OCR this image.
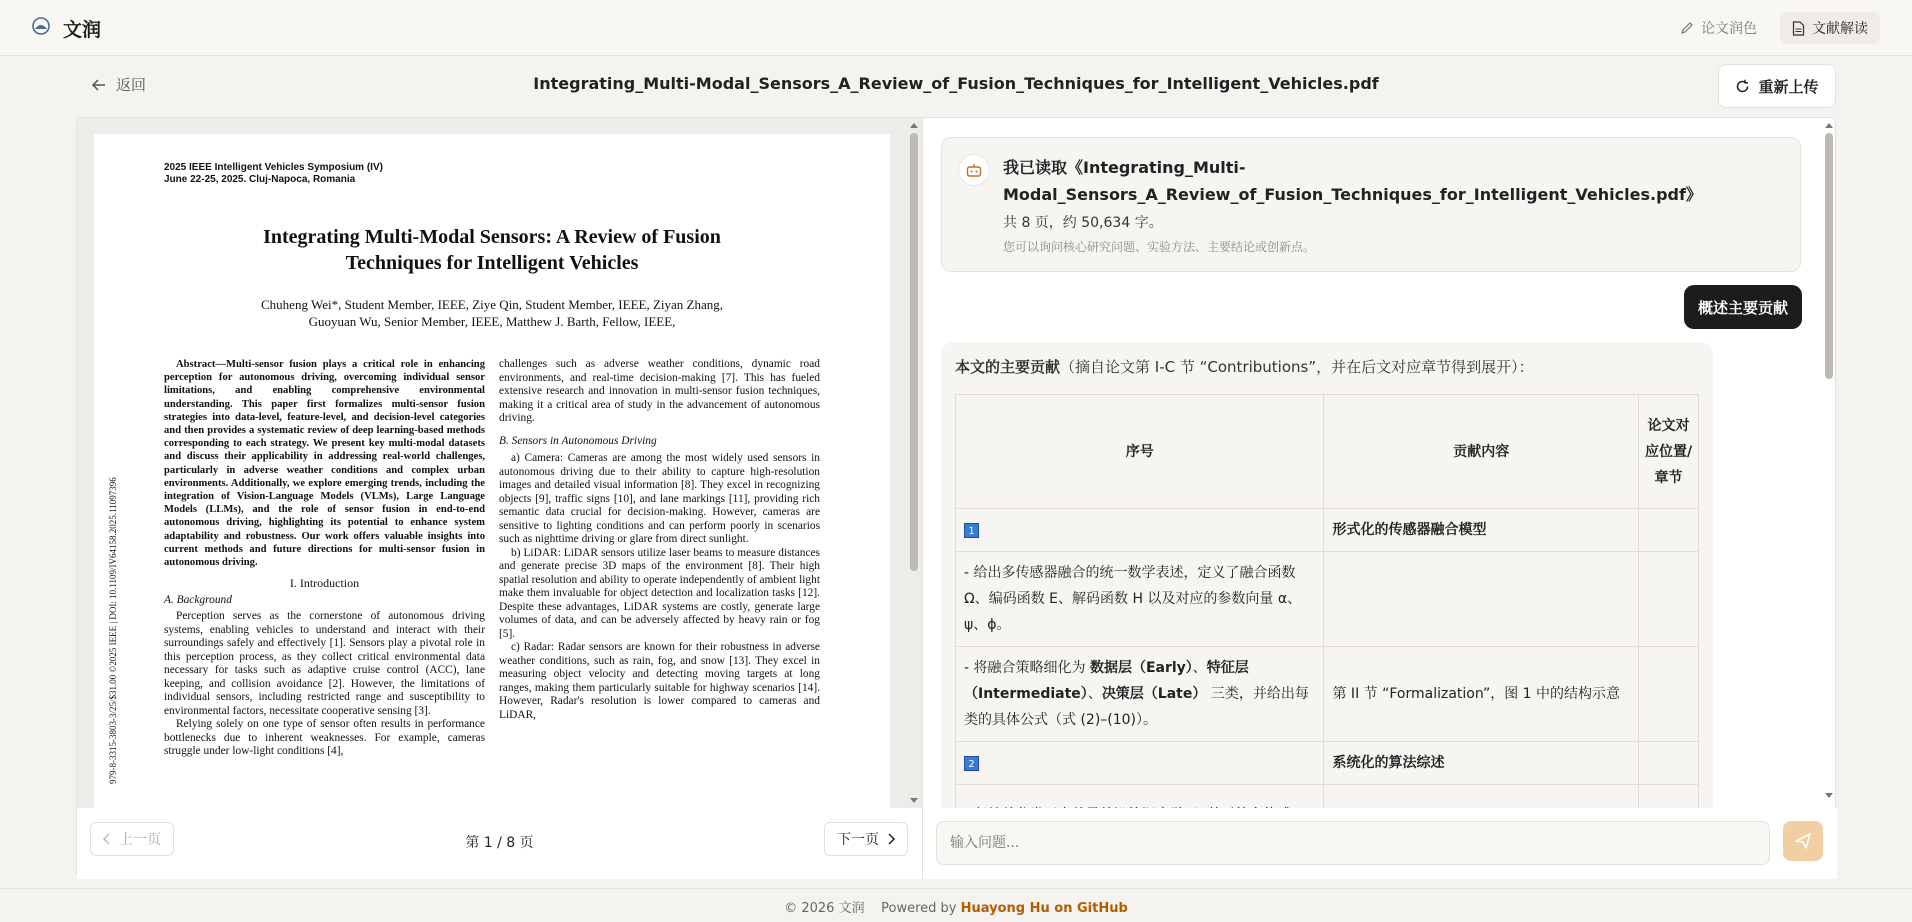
文润	论文润色	文献解读
返回	Integrating_Multi-Modal_Sensors_A_Review_of_Fusion_Techniques_for_Intelligent_Vehicles.pdf	重新上传
2025 IEEE Intelligent Vehicles Symposium (IV)
June 22-25, 2025. Cluj-Napoca, Romania
Integrating Multi-Modal Sensors: A Review of Fusion Techniques for Intelligent Vehicles
Chuheng Wei*, Student Member, IEEE, Ziye Qin, Student Member, IEEE, Ziyan Zhang,
Guoyuan Wu, Senior Member, IEEE, Matthew J. Barth, Fellow, IEEE,

Abstract—Multi-sensor fusion plays a critical role in enhancing perception for autonomous driving, overcoming individual sensor limitations, and enabling comprehensive environmental understanding. This paper first formalizes multi-sensor fusion strategies into data-level, feature-level, and decision-level categories and then provides a systematic review of deep learning-based methods corresponding to each strategy. We present key multi-modal datasets and discuss their applicability in addressing real-world challenges, particularly in adverse weather conditions and complex urban environments. Additionally, we explore emerging trends, including the integration of Vision-Language Models (VLMs), Large Language Models (LLMs), and the role of sensor fusion in end-to-end autonomous driving, highlighting its potential to enhance system adaptability and robustness. Our work offers valuable insights into current methods and future directions for multi-sensor fusion in autonomous driving.

I. Introduction

A. Background

Perception serves as the cornerstone of autonomous driving systems, enabling vehicles to understand and interact with their surroundings safely and effectively [1]. Sensors play a pivotal role in this perception process, as they collect critical environmental data necessary for tasks such as adaptive cruise control (ACC), lane keeping, and collision avoidance [2]. However, the limitations of individual sensors, including restricted range and susceptibility to environmental factors, necessitate cooperative sensing [3].

Relying solely on one type of sensor often results in performance bottlenecks due to inherent weaknesses. For example, cameras struggle under low-light conditions [4],

challenges such as adverse weather conditions, dynamic road environments, and real-time decision-making [7]. This has fueled extensive research and innovation in multi-sensor fusion techniques, making it a critical area of study in the advancement of autonomous driving.

B. Sensors in Autonomous Driving

a) Camera: Cameras are among the most widely used sensors in autonomous driving due to their ability to capture high-resolution images and detailed visual information [8]. They excel in recognizing objects [9], traffic signs [10], and lane markings [11], providing rich semantic data crucial for decision-making. However, cameras are sensitive to lighting conditions and can perform poorly in scenarios such as nighttime driving or glare from direct sunlight.

b) LiDAR: LiDAR sensors utilize laser beams to measure distances and generate precise 3D maps of the environment [8]. Their high spatial resolution and ability to operate independently of ambient light make them invaluable for object detection and localization tasks [12]. Despite these advantages, LiDAR systems are costly, generate large volumes of data, and can be adversely affected by heavy rain or fog [5].

c) Radar: Radar sensors are known for their robustness in adverse weather conditions, such as rain, fog, and snow [13]. They excel in measuring object velocity and detecting moving targets at long ranges, making them particularly suitable for highway scenarios [14]. However, Radar's resolution is lower compared to cameras and LiDAR,

979-8-3315-3803-3/25/$31.00 ©2025 IEEE | DOI: 10.1109/IV64158.2025.11097396
上一页	第 1 / 8 页	下一页
我已读取《Integrating_Multi-Modal_Sensors_A_Review_of_Fusion_Techniques_for_Intelligent_Vehicles.pdf》
共 8 页，约 50,634 字。
您可以询问核心研究问题、实验方法、主要结论或创新点。
概述主要贡献
本文的主要贡献（摘自论文第 I-C 节 “Contributions”，并在后文对应章节得到展开）：
序号	贡献内容	论文对应位置/章节
1	形式化的传感器融合模型	
- 给出多传感器融合的统一数学表述，定义了融合函数 Ω、编码函数 E、解码函数 H 以及对应的参数向量 α、ψ、ϕ。		
- 将融合策略细化为 数据层（Early）、特征层（Intermediate）、决策层（Late） 三类，并给出每类的具体公式（式 (2)–(10)）。	第 II 节 “Formalization”，图 1 中的结构示意	
2	系统化的算法综述	

输入问题...
© 2026 文润 Powered by Huayong Hu on GitHub
